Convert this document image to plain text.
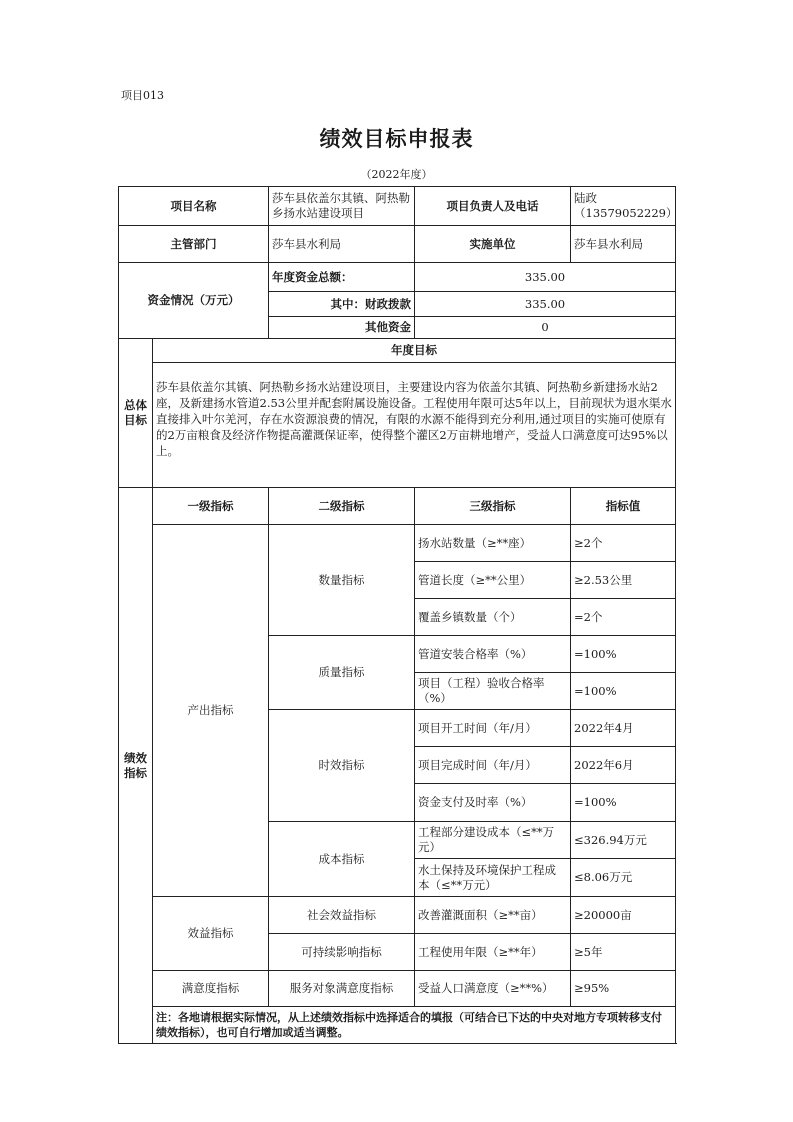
项目013
绩效目标申报表
（2022年度）
项目名称		莎车县依盖尔其镇、阿热勒乡扬水站建设项目	项目负责人及电话	陆政（13579052229）
主管部门		莎车县水利局	实施单位	莎车县水利局
资金情况（万元）		年度资金总额：	335.00	
		其中：财政拨款	335.00	
		其他资金	0	
总体目标	年度目标			
	莎车县依盖尔其镇、阿热勒乡扬水站建设项目，主要建设内容为依盖尔其镇、阿热勒乡新建扬水站2座，及新建扬水管道2.53公里并配套附属设施设备。工程使用年限可达5年以上，目前现状为退水渠水直接排入叶尔羌河，存在水资源浪费的情况，有限的水源不能得到充分利用,通过项目的实施可使原有的2万亩粮食及经济作物提高灌溉保证率，使得整个灌区2万亩耕地增产，受益人口满意度可达95%以上。			
绩效指标	一级指标	二级指标	三级指标	指标值
	产出指标	数量指标	扬水站数量（≥**座）	≥2个
			管道长度（≥**公里）	≥2.53公里
			覆盖乡镇数量（个）	=2个
		质量指标	管道安装合格率（%）	=100%
			项目（工程）验收合格率（%）	=100%
		时效指标	项目开工时间（年/月）	2022年4月
			项目完成时间（年/月）	2022年6月
			资金支付及时率（%）	=100%
		成本指标	工程部分建设成本（≤**万元）	≤326.94万元
			水土保持及环境保护工程成本（≤**万元）	≤8.06万元
	效益指标	社会效益指标	改善灌溉面积（≥**亩）	≥20000亩
		可持续影响指标	工程使用年限（≥**年）	≥5年
	满意度指标	服务对象满意度指标	受益人口满意度（≥**%）	≥95%
	注：各地请根据实际情况，从上述绩效指标中选择适合的填报（可结合已下达的中央对地方专项转移支付绩效指标），也可自行增加或适当调整。			
